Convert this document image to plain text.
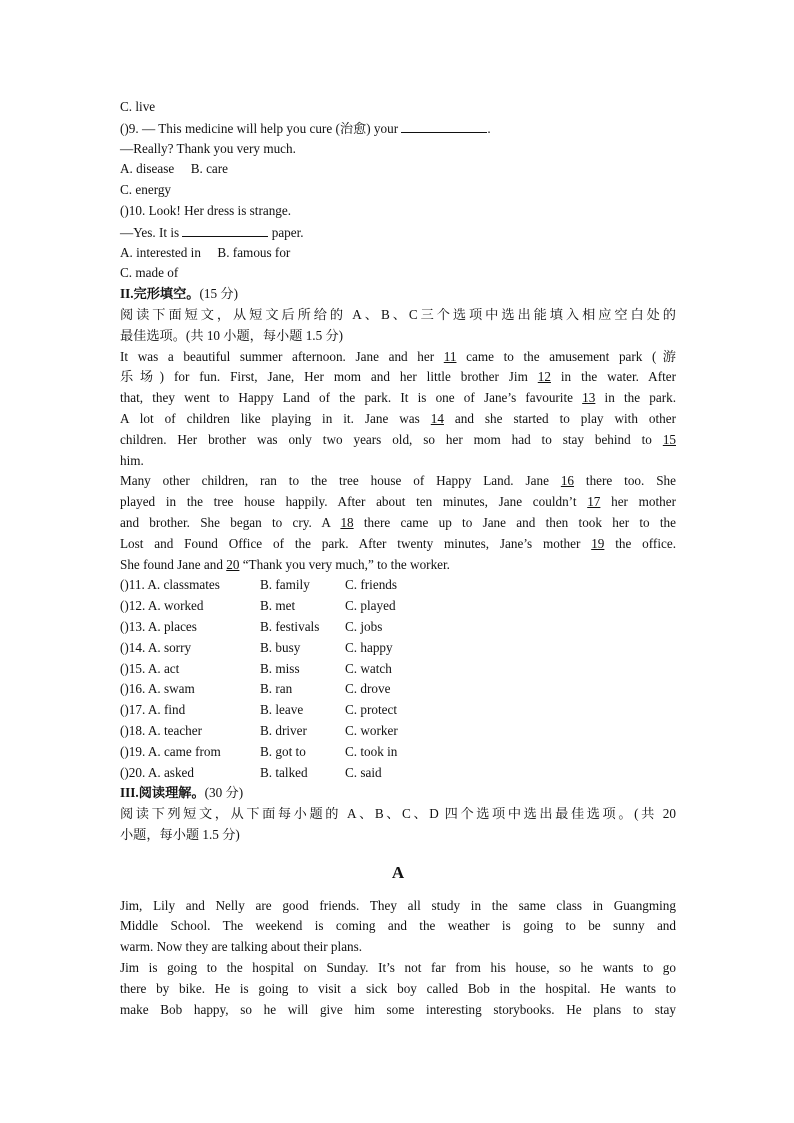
C. live
()9. — This medicine will help you cure (治愈) your	.
—Really? Thank you very much.
A. disease B. care
C. energy
()10. Look! Her dress is strange.
—Yes. It is	paper.
A. interested in B. famous for
C. made of
II.完形填空。(15 分)
阅读下面短文，从短文后所给的 A、B、C三个选项中选出能填入相应空白处的
最佳选项。(共 10 小题，每小题 1.5 分)
It was a beautiful summer afternoon. Jane and her 11 came to the amusement park (游
乐场) for fun. First, Jane, Her mom and her little brother Jim 12 in the water. After
that, they went to Happy Land of the park. It is one of Jane’s favourite 13 in the park.
A lot of children like playing in it. Jane was 14 and she started to play with other
children. Her brother was only two years old, so her mom had to stay behind to 15
him.
Many other children, ran to the tree house of Happy Land. Jane 16 there too. She
played in the tree house happily. After about ten minutes, Jane couldn’t 17 her mother
and brother. She began to cry. A 18 there came up to Jane and then took her to the
Lost and Found Office of the park. After twenty minutes, Jane’s mother 19 the office.
She found Jane and 20 “Thank you very much,” to the worker.
()11. A. classmates	B. family	C. friends
()12. A. worked	B. met	C. played
()13. A. places	B. festivals	C. jobs
()14. A. sorry	B. busy	C. happy
()15. A. act	B. miss	C. watch
()16. A. swam	B. ran	C. drove
()17. A. find	B. leave	C. protect
()18. A. teacher	B. driver	C. worker
()19. A. came from	B. got to	C. took in
()20. A. asked	B. talked	C. said
III.阅读理解。(30 分)
阅读下列短文，从下面每小题的 A、B、C、D 四个选项中选出最佳选项。(共 20
小题，每小题 1.5 分)
A
Jim, Lily and Nelly are good friends. They all study in the same class in Guangming
Middle School. The weekend is coming and the weather is going to be sunny and
warm. Now they are talking about their plans.
Jim is going to the hospital on Sunday. It’s not far from his house, so he wants to go
there by bike. He is going to visit a sick boy called Bob in the hospital. He wants to
make Bob happy, so he will give him some interesting storybooks. He plans to stay
